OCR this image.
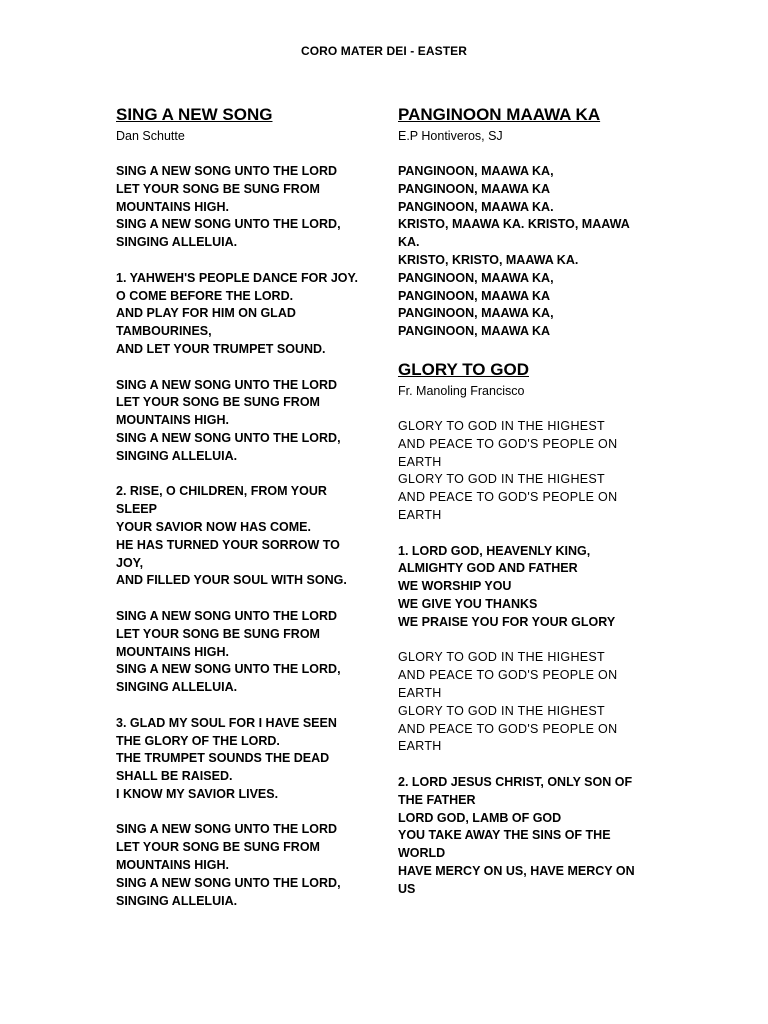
CORO MATER DEI - EASTER
SING A NEW SONG
Dan Schutte
SING A NEW SONG UNTO THE LORD
LET YOUR SONG BE SUNG FROM
MOUNTAINS HIGH.
SING A NEW SONG UNTO THE LORD,
SINGING ALLELUIA.
1. YAHWEH'S PEOPLE DANCE FOR JOY.
O COME BEFORE THE LORD.
AND PLAY FOR HIM ON GLAD
TAMBOURINES,
AND LET YOUR TRUMPET SOUND.
SING A NEW SONG UNTO THE LORD
LET YOUR SONG BE SUNG FROM
MOUNTAINS HIGH.
SING A NEW SONG UNTO THE LORD,
SINGING ALLELUIA.
2. RISE, O CHILDREN, FROM YOUR
SLEEP
YOUR SAVIOR NOW HAS COME.
HE HAS TURNED YOUR SORROW TO
JOY,
AND FILLED YOUR SOUL WITH SONG.
SING A NEW SONG UNTO THE LORD
LET YOUR SONG BE SUNG FROM
MOUNTAINS HIGH.
SING A NEW SONG UNTO THE LORD,
SINGING ALLELUIA.
3. GLAD MY SOUL FOR I HAVE SEEN
THE GLORY OF THE LORD.
THE TRUMPET SOUNDS THE DEAD
SHALL BE RAISED.
I KNOW MY SAVIOR LIVES.
SING A NEW SONG UNTO THE LORD
LET YOUR SONG BE SUNG FROM
MOUNTAINS HIGH.
SING A NEW SONG UNTO THE LORD,
SINGING ALLELUIA.
PANGINOON MAAWA KA
E.P Hontiveros, SJ
PANGINOON, MAAWA KA,
PANGINOON, MAAWA KA
PANGINOON, MAAWA KA.
KRISTO, MAAWA KA. KRISTO, MAAWA
KA.
KRISTO, KRISTO, MAAWA KA.
PANGINOON, MAAWA KA,
PANGINOON, MAAWA KA
PANGINOON, MAAWA KA,
PANGINOON, MAAWA KA
GLORY TO GOD
Fr. Manoling Francisco
GLORY TO GOD IN THE HIGHEST
AND PEACE TO GOD'S PEOPLE ON
EARTH
GLORY TO GOD IN THE HIGHEST
AND PEACE TO GOD'S PEOPLE ON
EARTH
1. LORD GOD, HEAVENLY KING,
ALMIGHTY GOD AND FATHER
WE WORSHIP YOU
WE GIVE YOU THANKS
WE PRAISE YOU FOR YOUR GLORY
GLORY TO GOD IN THE HIGHEST
AND PEACE TO GOD'S PEOPLE ON
EARTH
GLORY TO GOD IN THE HIGHEST
AND PEACE TO GOD'S PEOPLE ON
EARTH
2. LORD JESUS CHRIST, ONLY SON OF
THE FATHER
LORD GOD, LAMB OF GOD
YOU TAKE AWAY THE SINS OF THE
WORLD
HAVE MERCY ON US, HAVE MERCY ON
US
